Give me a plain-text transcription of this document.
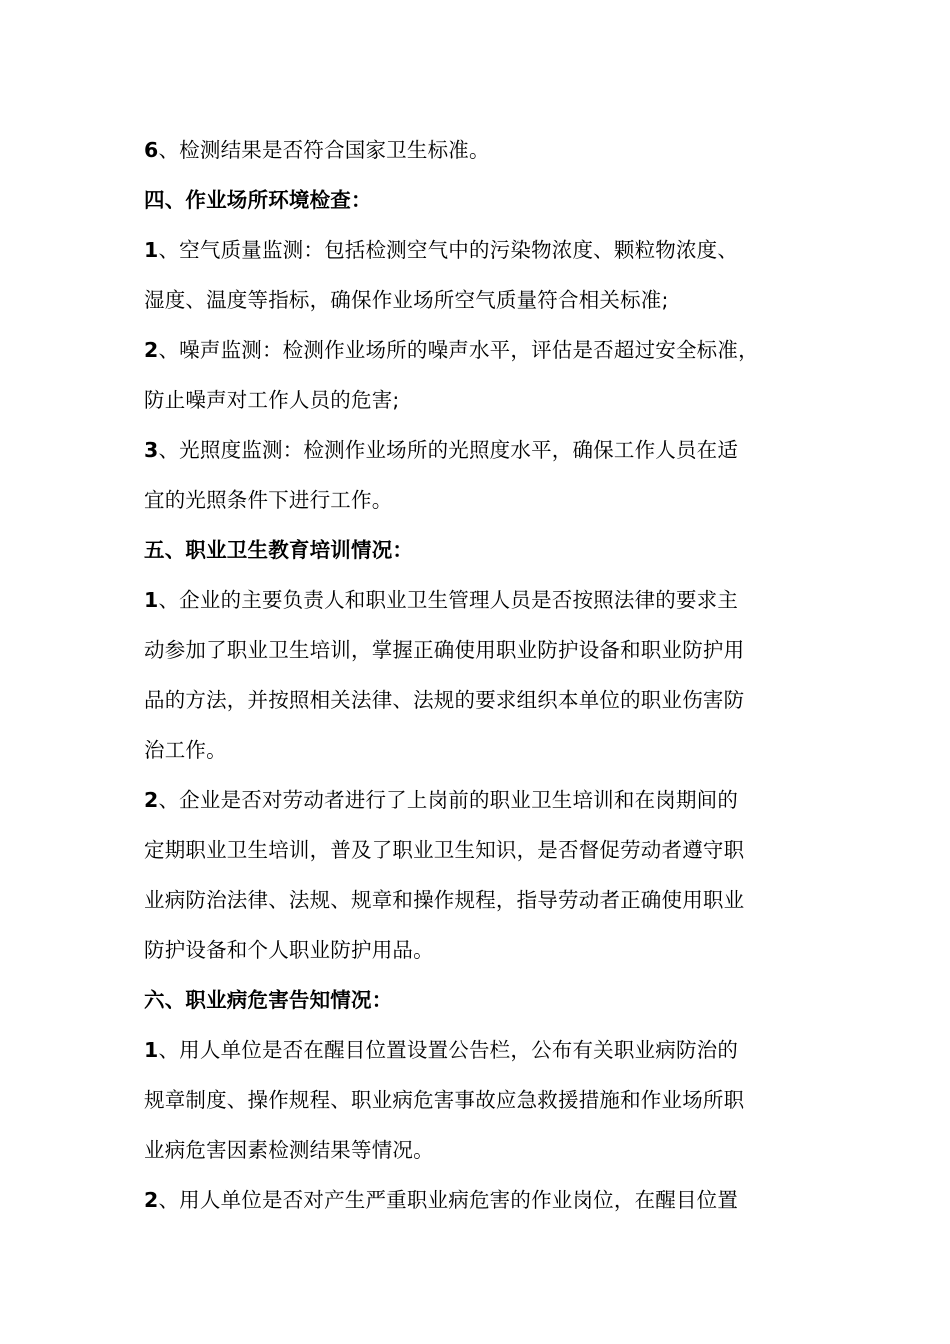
6、检测结果是否符合国家卫生标准。
四、作业场所环境检查：
1、空气质量监测：包括检测空气中的污染物浓度、颗粒物浓度、
湿度、温度等指标，确保作业场所空气质量符合相关标准;
2、噪声监测：检测作业场所的噪声水平，评估是否超过安全标准，
防止噪声对工作人员的危害;
3、光照度监测：检测作业场所的光照度水平，确保工作人员在适
宜的光照条件下进行工作。
五、职业卫生教育培训情况：
1、企业的主要负责人和职业卫生管理人员是否按照法律的要求主
动参加了职业卫生培训，掌握正确使用职业防护设备和职业防护用
品的方法，并按照相关法律、法规的要求组织本单位的职业伤害防
治工作。
2、企业是否对劳动者进行了上岗前的职业卫生培训和在岗期间的
定期职业卫生培训，普及了职业卫生知识，是否督促劳动者遵守职
业病防治法律、法规、规章和操作规程，指导劳动者正确使用职业
防护设备和个人职业防护用品。
六、职业病危害告知情况：
1、用人单位是否在醒目位置设置公告栏，公布有关职业病防治的
规章制度、操作规程、职业病危害事故应急救援措施和作业场所职
业病危害因素检测结果等情况。
2、用人单位是否对产生严重职业病危害的作业岗位，在醒目位置
